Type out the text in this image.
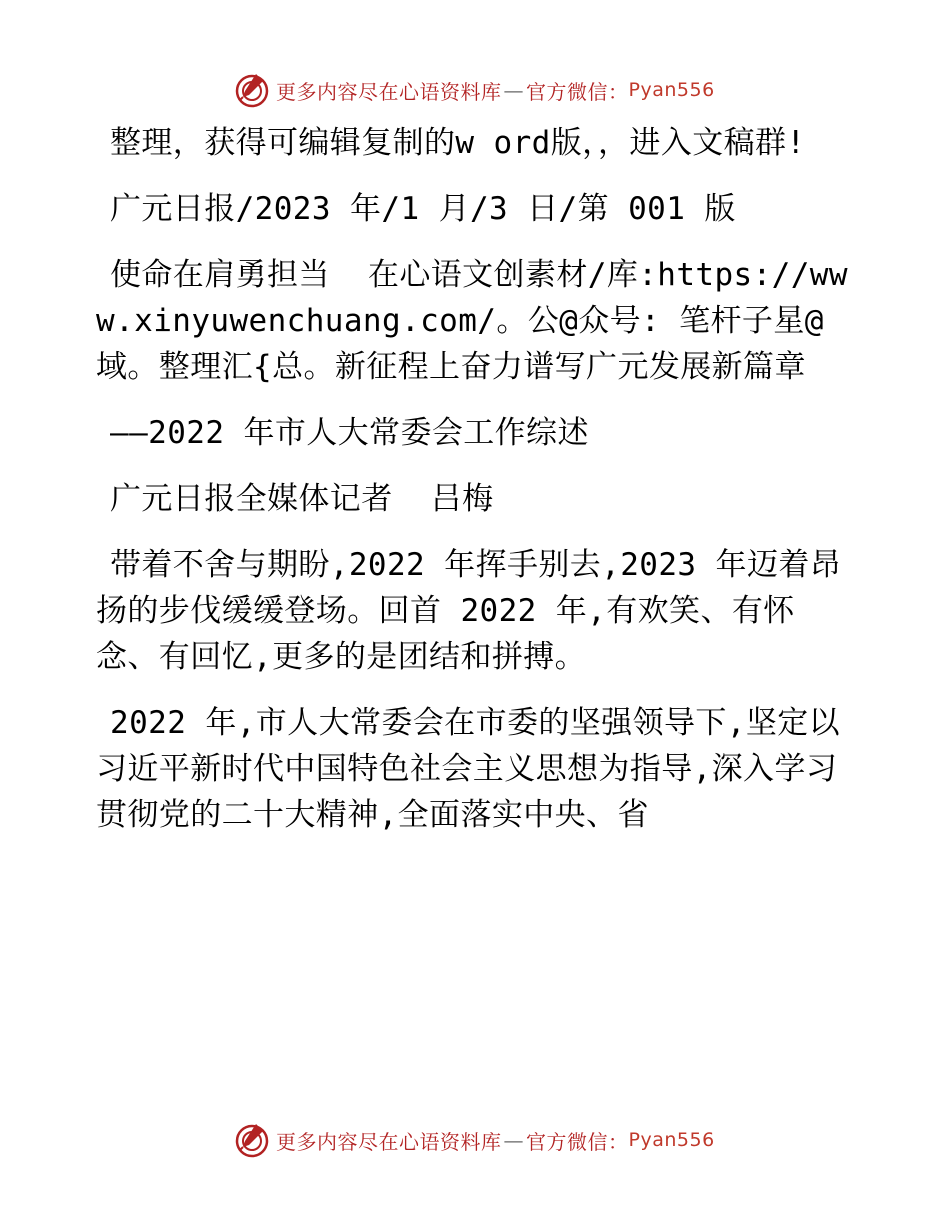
更多内容尽在心语资料库 — 官方微信： Pyan556

整理，获得可编辑复制的w ord版，，进入文稿群!

广元日报/2023 年/1 月/3 日/第 001 版

使命在肩勇担当  在心语文创素材/库:https://www.xinyuwenchuang.com/。公@众号: 笔杆子星@域。整理汇{总。新征程上奋力谱写广元发展新篇章

——2022 年市人大常委会工作综述

广元日报全媒体记者  吕梅

带着不舍与期盼,2022 年挥手别去,2023 年迈着昂扬的步伐缓缓登场。回首 2022 年,有欢笑、有怀念、有回忆,更多的是团结和拼搏。

2022 年,市人大常委会在市委的坚强领导下,坚定以习近平新时代中国特色社会主义思想为指导,深入学习贯彻党的二十大精神,全面落实中央、省

更多内容尽在心语资料库 — 官方微信： Pyan556
